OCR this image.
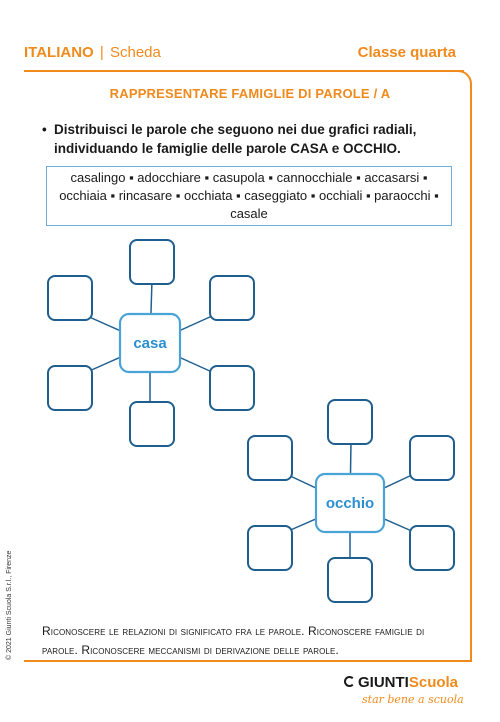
ITALIANO | Scheda	Classe quarta
RAPPRESENTARE FAMIGLIE DI PAROLE / A
• Distribuisci le parole che seguono nei due grafici radiali, individuando le famiglie delle parole CASA e OCCHIO.
casalingo ▪ adocchiare ▪ casupola ▪ cannocchiale ▪ accasarsi ▪ occhiaia ▪ rincasare ▪ occhiata ▪ caseggiato ▪ occhiali ▪ paraocchi ▪ casale
casa
occhio
Riconoscere le relazioni di significato fra le parole. Riconoscere famiglie di parole. Riconoscere meccanismi di derivazione delle parole.
© 2021 Giunti Scuola S.r.l., Firenze
GIUNTIScuola
star bene a scuola
